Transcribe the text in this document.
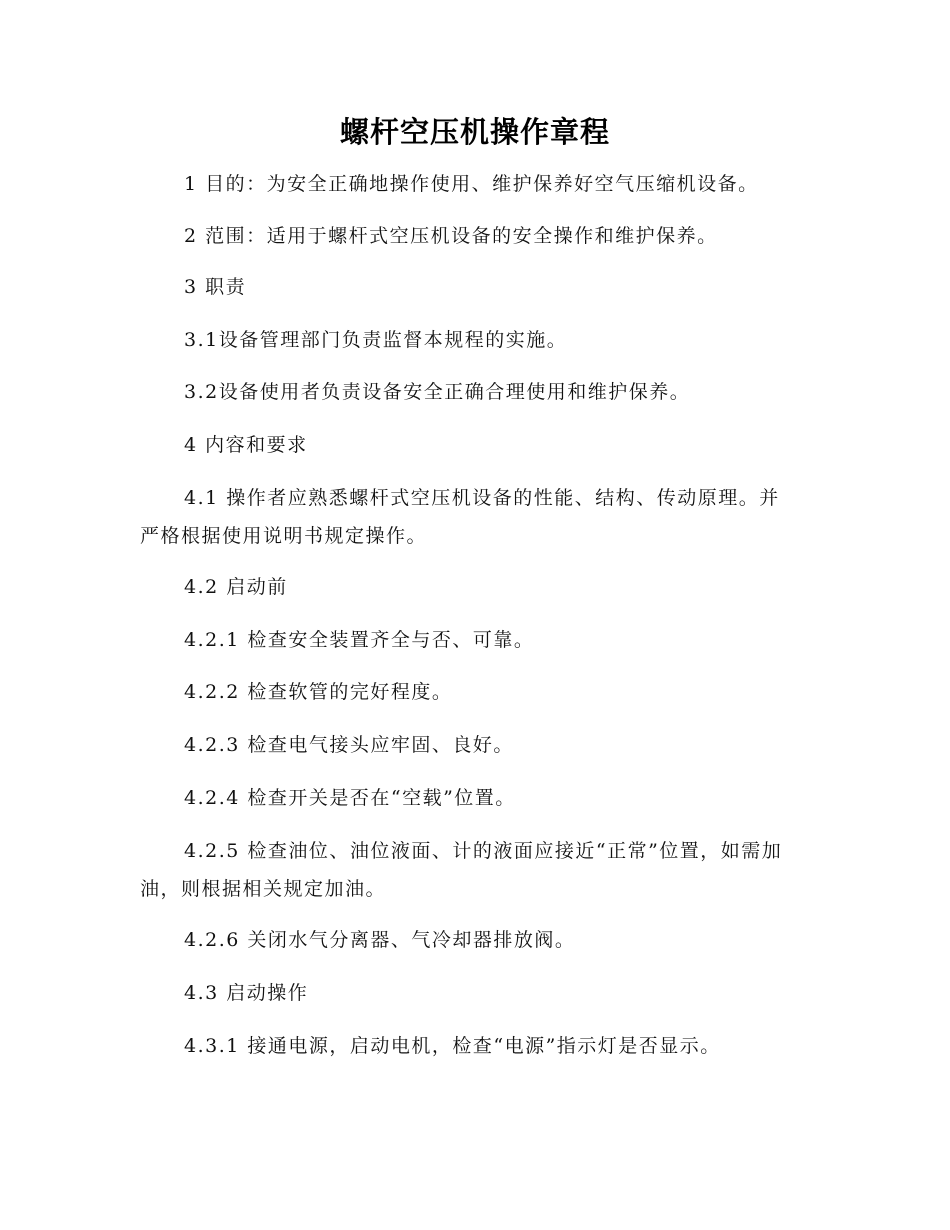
螺杆空压机操作章程
1 目的：为安全正确地操作使用、维护保养好空气压缩机设备。
2 范围：适用于螺杆式空压机设备的安全操作和维护保养。
3 职责
3.1设备管理部门负责监督本规程的实施。
3.2设备使用者负责设备安全正确合理使用和维护保养。
4 内容和要求
4.1 操作者应熟悉螺杆式空压机设备的性能、结构、传动原理。并严格根据使用说明书规定操作。
4.2 启动前
4.2.1 检查安全装置齐全与否、可靠。
4.2.2 检查软管的完好程度。
4.2.3 检查电气接头应牢固、良好。
4.2.4 检查开关是否在“空载”位置。
4.2.5 检查油位、油位液面、计的液面应接近“正常”位置，如需加油，则根据相关规定加油。
4.2.6 关闭水气分离器、气冷却器排放阀。
4.3 启动操作
4.3.1 接通电源，启动电机，检查“电源”指示灯是否显示。
